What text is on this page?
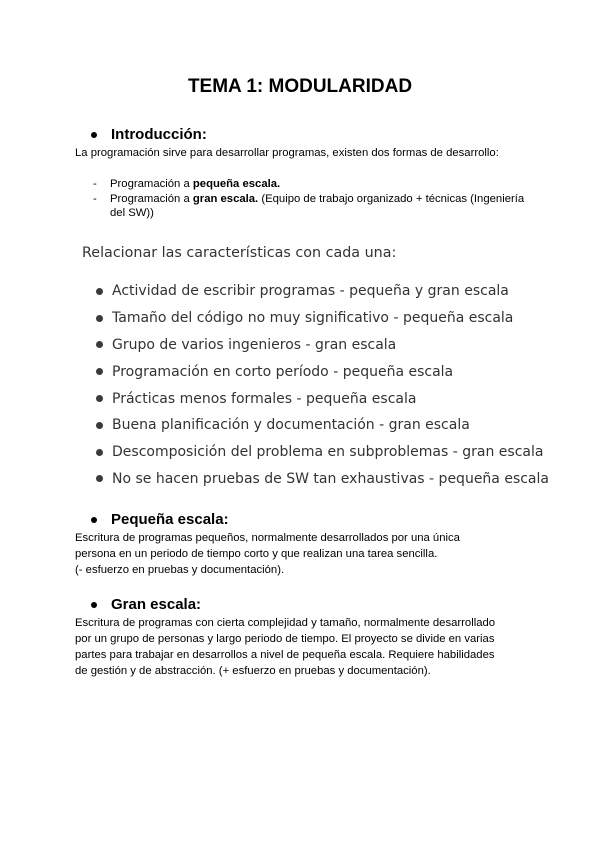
TEMA 1: MODULARIDAD
Introducción:

La programación sirve para desarrollar programas, existen dos formas de desarrollo:

-	Programación a pequeña escala.
-	Programación a gran escala. (Equipo de trabajo organizado + técnicas (Ingeniería del SW))

Relacionar las características con cada una:

Actividad de escribir programas - pequeña y gran escala
Tamaño del código no muy significativo - pequeña escala
Grupo de varios ingenieros - gran escala
Programación en corto período - pequeña escala
Prácticas menos formales - pequeña escala
Buena planificación y documentación - gran escala
Descomposición del problema en subproblemas - gran escala
No se hacen pruebas de SW tan exhaustivas - pequeña escala
Pequeña escala:
Escritura de programas pequeños, normalmente desarrollados por una única
persona en un periodo de tiempo corto y que realizan una tarea sencilla.
(- esfuerzo en pruebas y documentación).
Gran escala:
Escritura de programas con cierta complejidad y tamaño, normalmente desarrollado
por un grupo de personas y largo periodo de tiempo. El proyecto se divide en varias
partes para trabajar en desarrollos a nivel de pequeña escala. Requiere habilidades
de gestión y de abstracción. (+ esfuerzo en pruebas y documentación).
